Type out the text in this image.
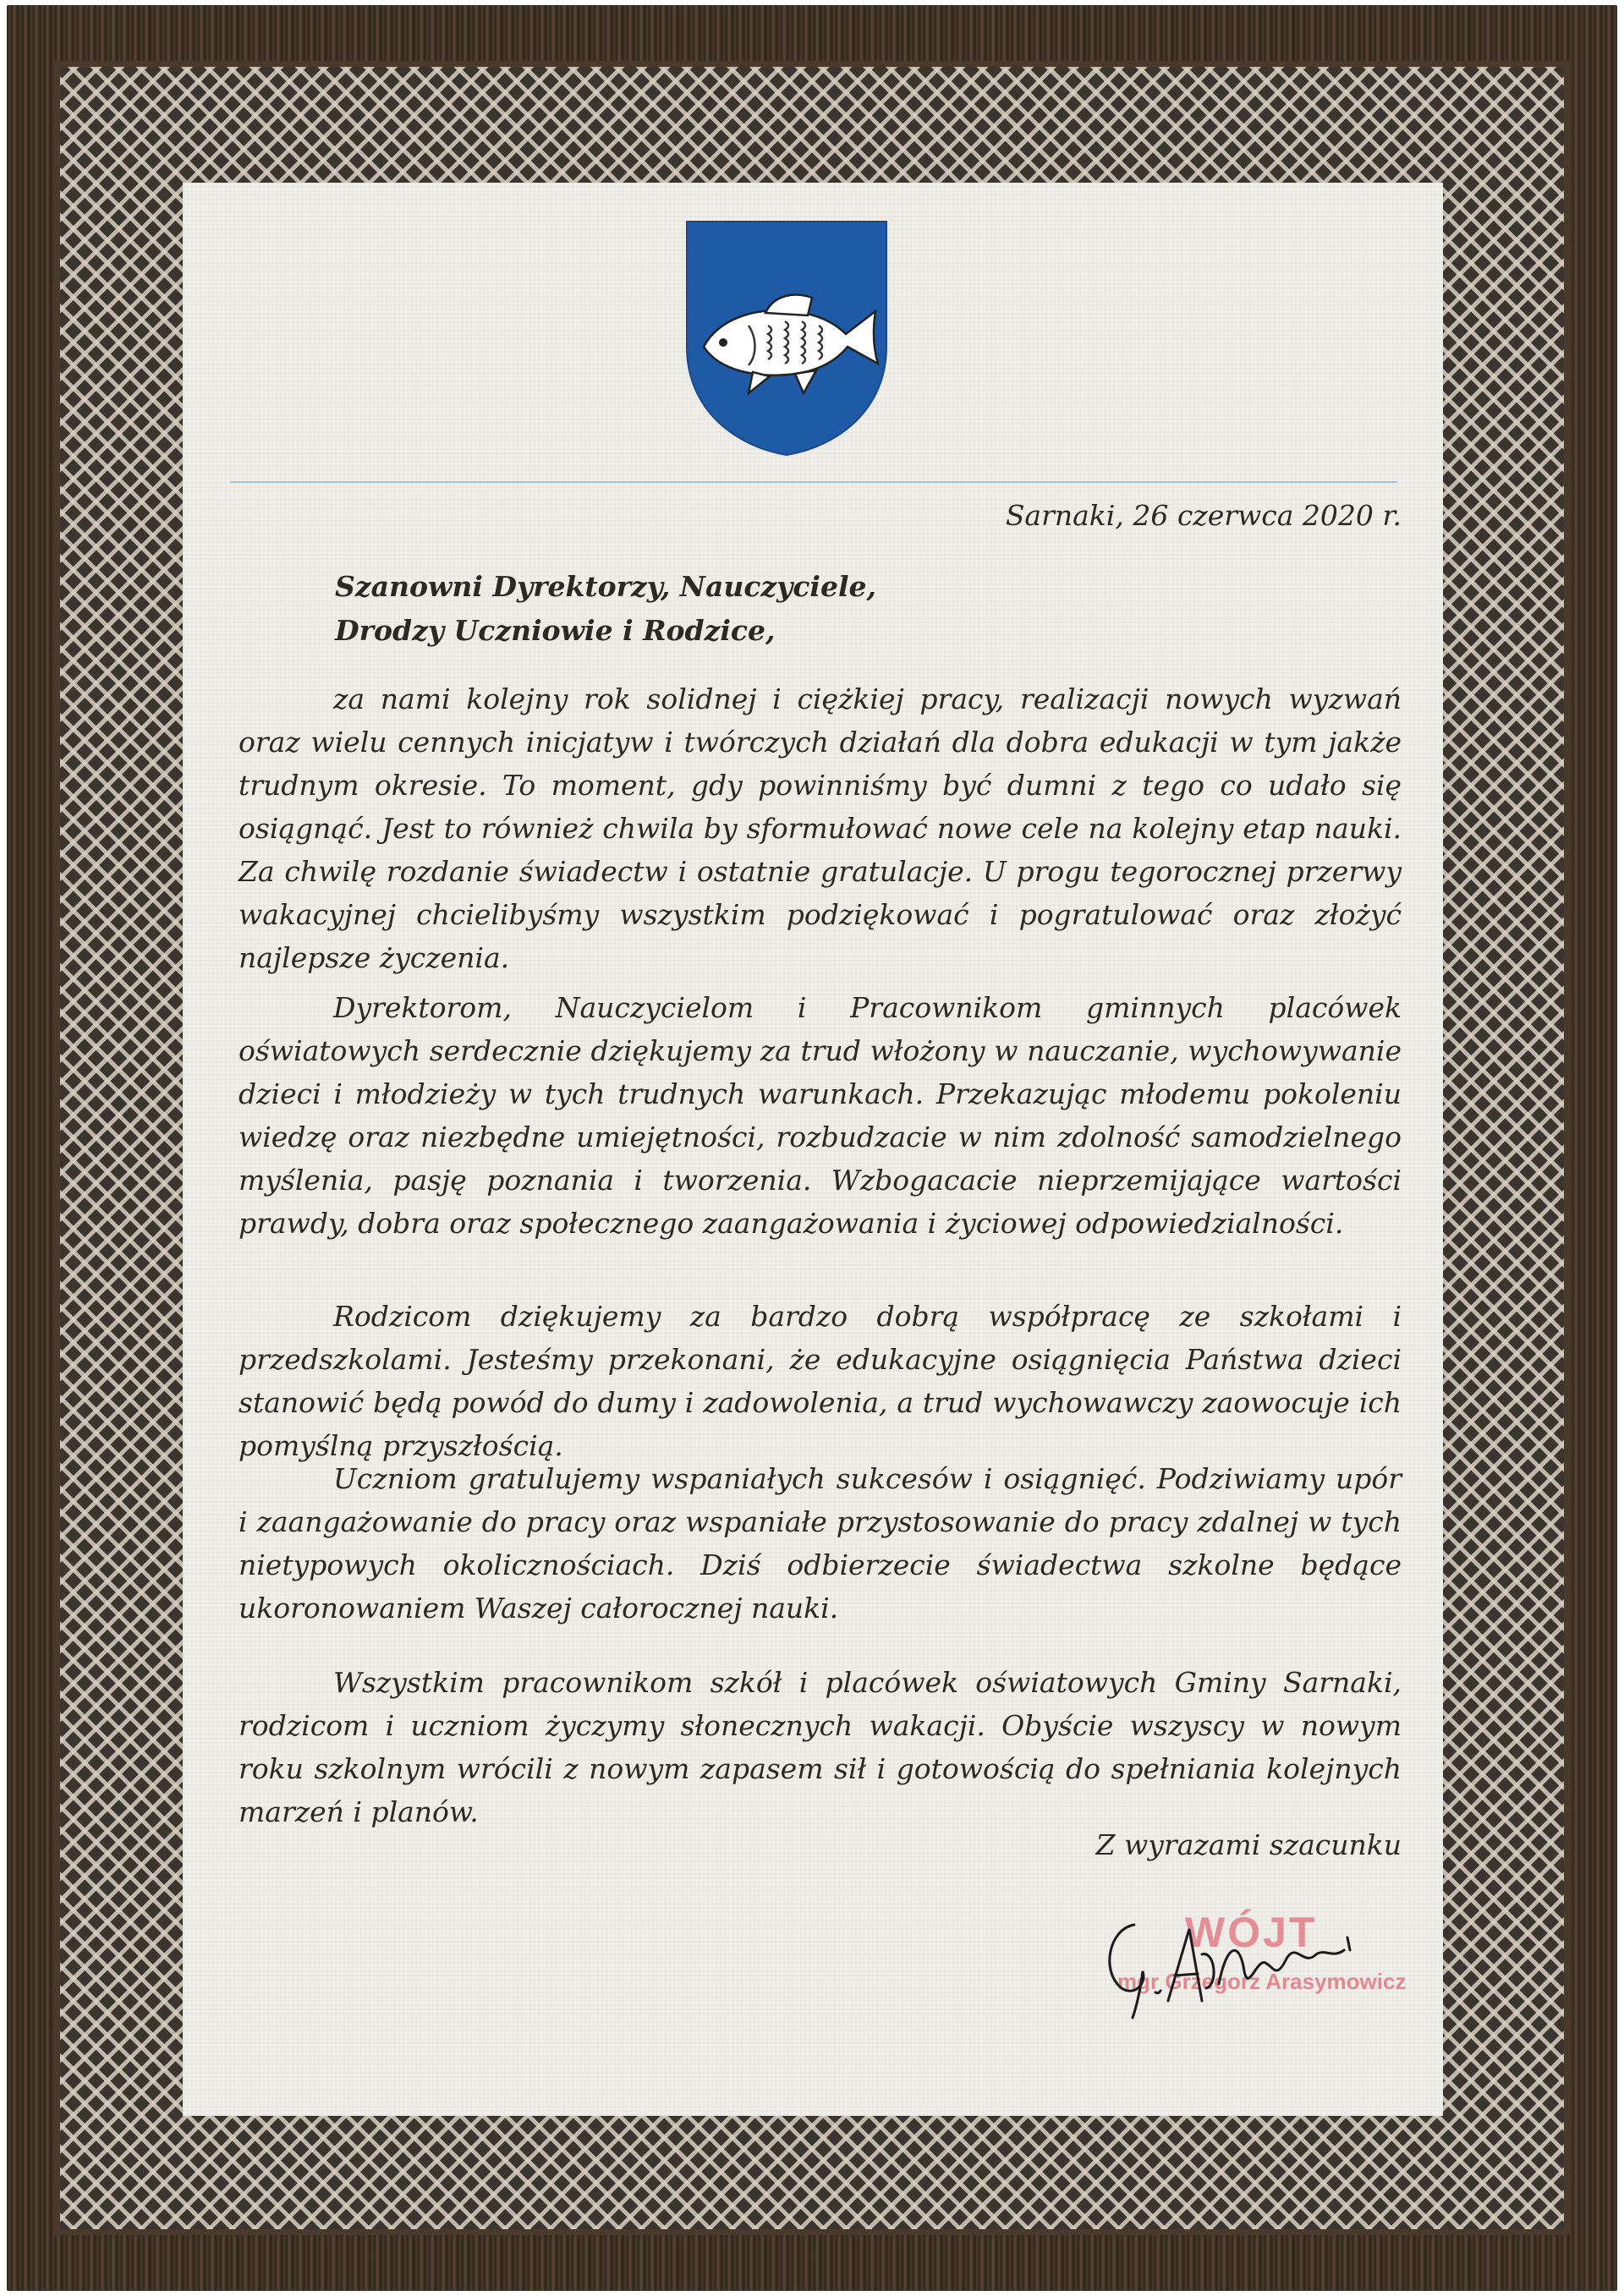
Sarnaki, 26 czerwca 2020 r.
Szanowni Dyrektorzy, Nauczyciele,
Drodzy Uczniowie i Rodzice,

za nami kolejny rok solidnej i ciężkiej pracy, realizacji nowych wyzwań oraz wielu cennych inicjatyw i twórczych działań dla dobra edukacji w tym jakże trudnym okresie. To moment, gdy powinniśmy być dumni z tego co udało się osiągnąć. Jest to również chwila by sformułować nowe cele na kolejny etap nauki. Za chwilę rozdanie świadectw i ostatnie gratulacje. U progu tegorocznej przerwy wakacyjnej chcielibyśmy wszystkim podziękować i pogratulować oraz złożyć najlepsze życzenia.

Dyrektorom, Nauczycielom i Pracownikom gminnych placówek oświatowych serdecznie dziękujemy za trud włożony w nauczanie, wychowywanie dzieci i młodzieży w tych trudnych warunkach. Przekazując młodemu pokoleniu wiedzę oraz niezbędne umiejętności, rozbudzacie w nim zdolność samodzielnego myślenia, pasję poznania i tworzenia. Wzbogacacie nieprzemijające wartości prawdy, dobra oraz społecznego zaangażowania i życiowej odpowiedzialności.

Rodzicom dziękujemy za bardzo dobrą współpracę ze szkołami i przedszkolami. Jesteśmy przekonani, że edukacyjne osiągnięcia Państwa dzieci stanowić będą powód do dumy i zadowolenia, a trud wychowawczy zaowocuje ich pomyślną przyszłością.

Uczniom gratulujemy wspaniałych sukcesów i osiągnięć. Podziwiamy upór i zaangażowanie do pracy oraz wspaniałe przystosowanie do pracy zdalnej w tych nietypowych okolicznościach. Dziś odbierzecie świadectwa szkolne będące ukoronowaniem Waszej całorocznej nauki.

Wszystkim pracownikom szkół i placówek oświatowych Gminy Sarnaki, rodzicom i uczniom życzymy słonecznych wakacji. Obyście wszyscy w nowym roku szkolnym wrócili z nowym zapasem sił i gotowością do spełniania kolejnych marzeń i planów.

Z wyrazami szacunku
WÓJT
mgr Grzegorz Arasymowicz
